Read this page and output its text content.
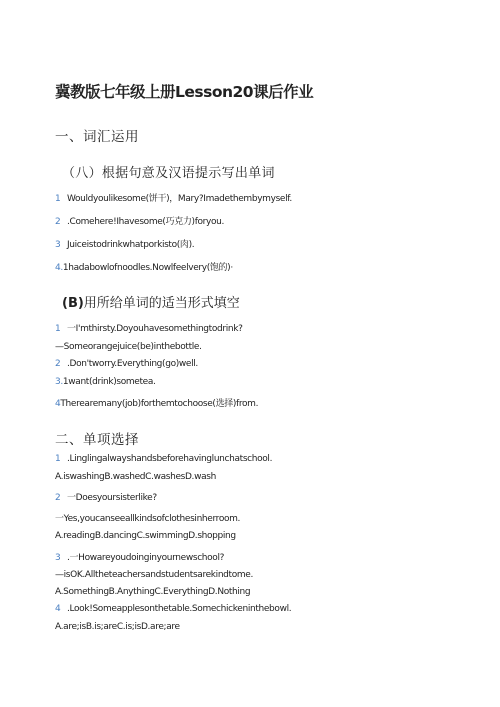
冀教版七年级上册Lesson20课后作业
一、词汇运用
（八）根据句意及汉语提示写出单词
1 Wouldyoulikesome(饼干)，Mary?Imadethembymyself.
2 .Comehere!Ihavesome(巧克力)foryou.
3 Juiceistodrinkwhatporkisto(肉).
4.1hadabowlofnoodles.Nowlfeelvery(饱的)·
(B)用所给单词的适当形式填空
1 一I'mthirsty.Doyouhavesomethingtodrink?
—Someorangejuice(be)inthebottle.
2 .Don'tworry.Everything(go)well.
3.1want(drink)sometea.
4Therearemany(job)forthemtochoose(选择)from.
二、单项选择
1 .Linglingalwayshandsbeforehavinglunchatschool.
A.iswashingB.washedC.washesD.wash
2 一Doesyoursisterlike?
一Yes,youcanseeallkindsofclothesinherroom.
A.readingB.dancingC.swimmingD.shopping
3 .一Howareyoudoinginyournewschool?
—isOK.Alltheteachersandstudentsarekindtome.
A.SomethingB.AnythingC.EverythingD.Nothing
4 .Look!Someapplesonthetable.Somechickeninthebowl.
A.are;isB.is;areC.is;isD.are;are
